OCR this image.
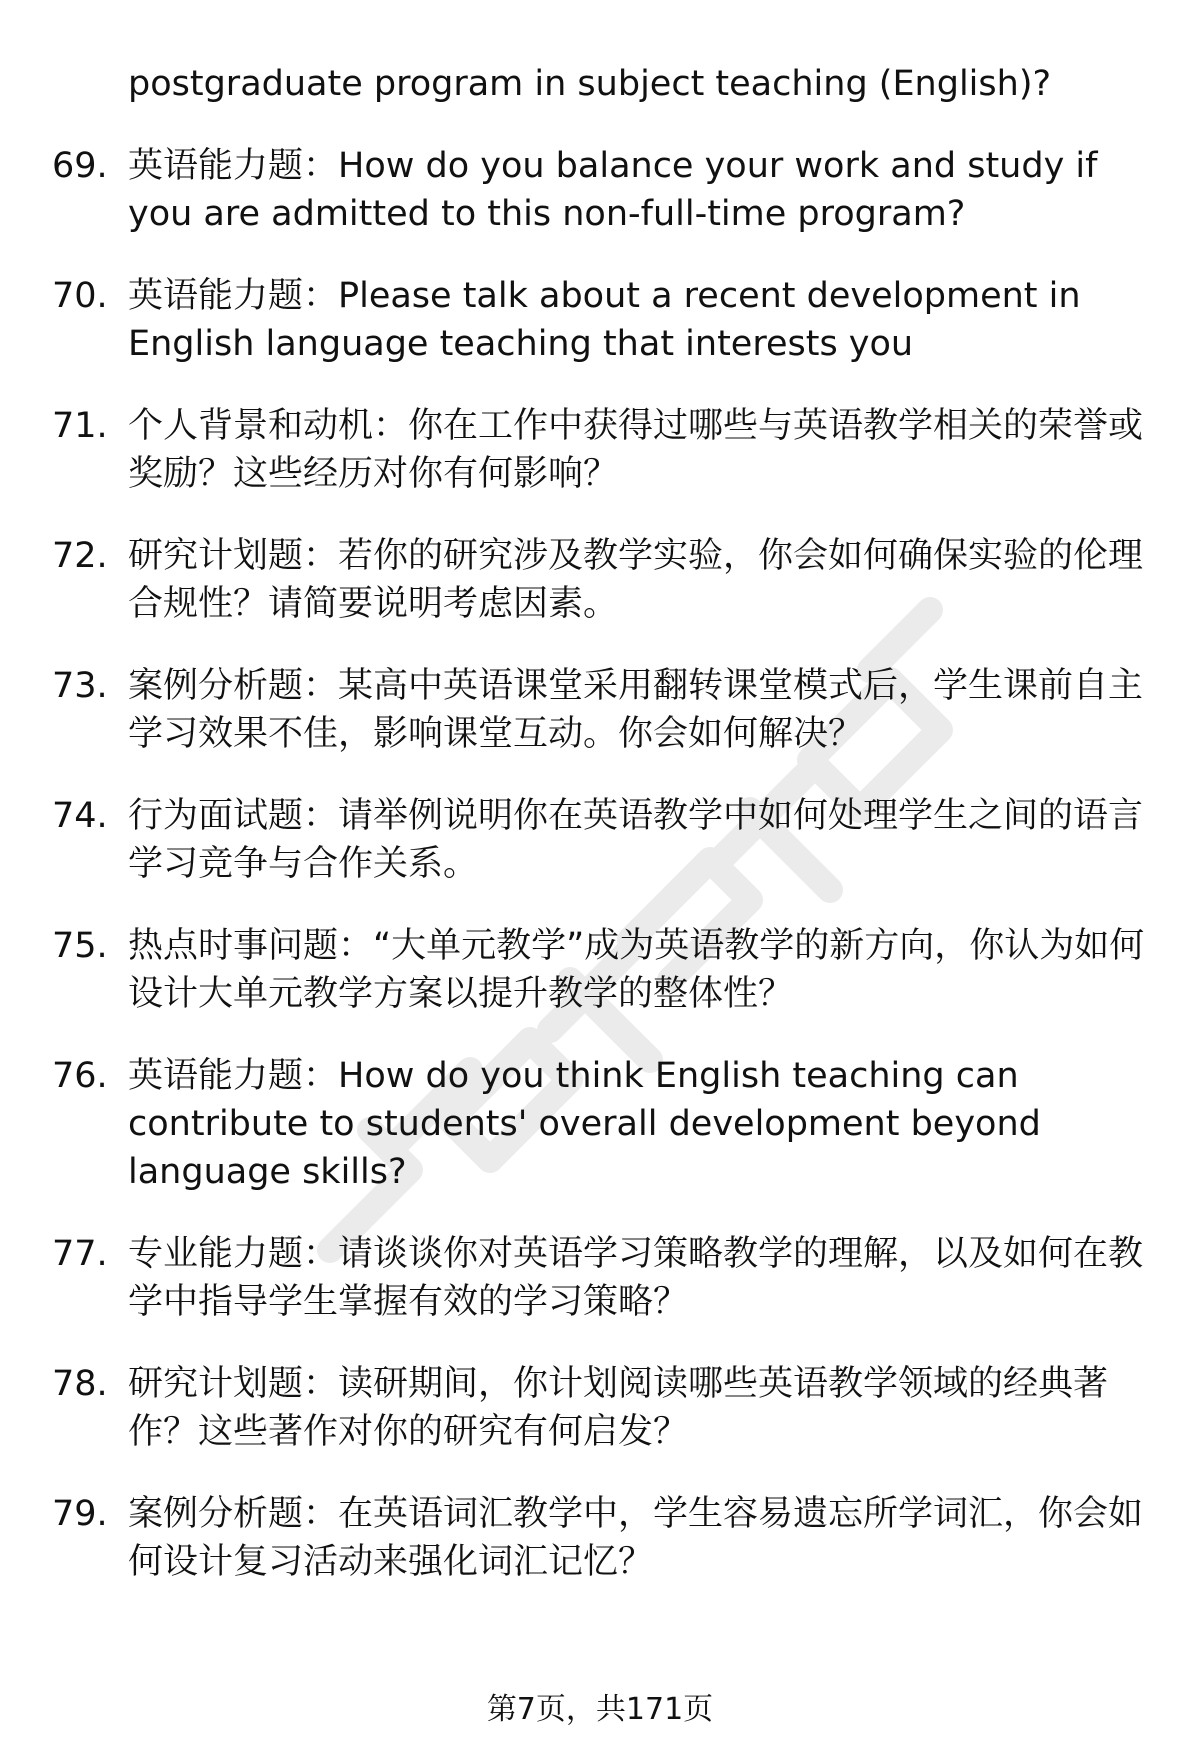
postgraduate program in subject teaching (English)?
69. 英语能力题：How do you balance your work and study if you are admitted to this non-full-time program?
70. 英语能力题：Please talk about a recent development in English language teaching that interests you
71. 个人背景和动机：你在工作中获得过哪些与英语教学相关的荣誉或奖励？这些经历对你有何影响？
72. 研究计划题：若你的研究涉及教学实验，你会如何确保实验的伦理合规性？请简要说明考虑因素。
73. 案例分析题：某高中英语课堂采用翻转课堂模式后，学生课前自主学习效果不佳，影响课堂互动。你会如何解决？
74. 行为面试题：请举例说明你在英语教学中如何处理学生之间的语言学习竞争与合作关系。
75. 热点时事问题：“大单元教学”成为英语教学的新方向，你认为如何设计大单元教学方案以提升教学的整体性？
76. 英语能力题：How do you think English teaching can contribute to students' overall development beyond language skills?
77. 专业能力题：请谈谈你对英语学习策略教学的理解，以及如何在教学中指导学生掌握有效的学习策略？
78. 研究计划题：读研期间，你计划阅读哪些英语教学领域的经典著作？这些著作对你的研究有何启发？
79. 案例分析题：在英语词汇教学中，学生容易遗忘所学词汇，你会如何设计复习活动来强化词汇记忆？
第7页，共171页
